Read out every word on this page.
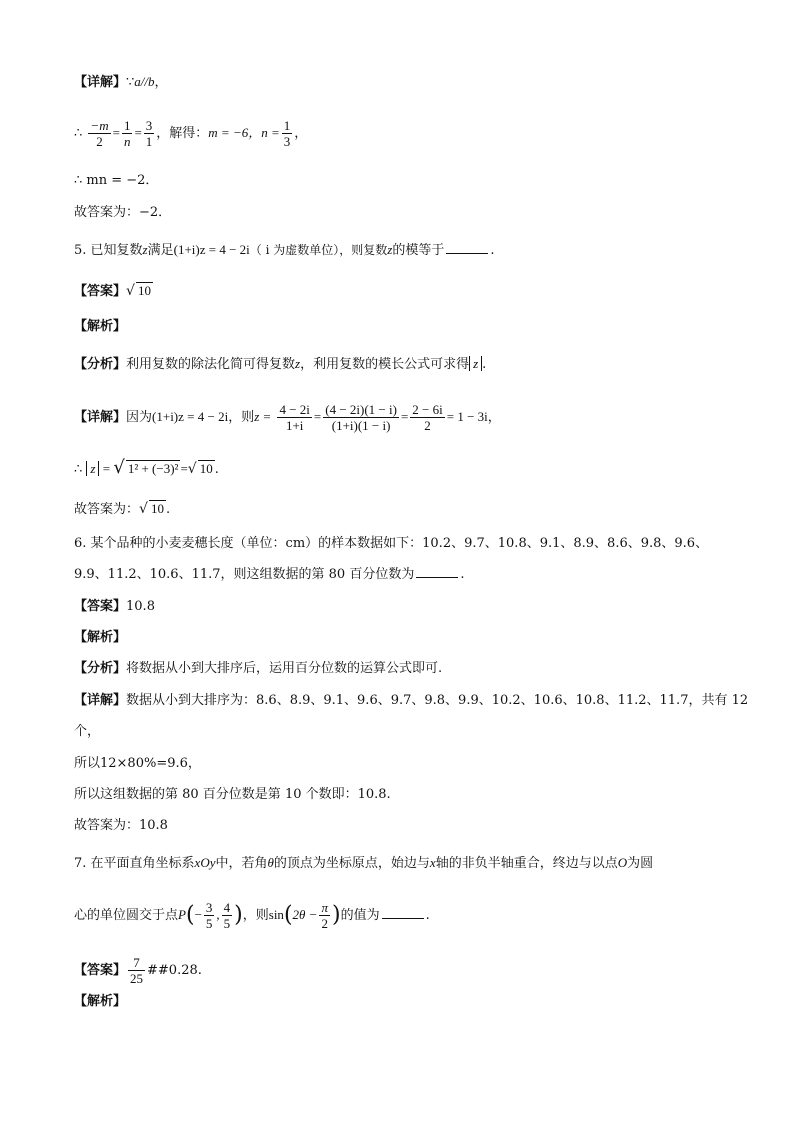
【详解】∵a//b，
∴ $\frac{-m}{2} = \frac{1}{n} = \frac{3}{1}$ ，解得：m = −6，$n = \frac{1}{3}$ ，
∴ mn = −2．
故答案为：−2．
5. 已知复数z满足(1+i)z = 4 − 2i（ i 为虚数单位），则复数z的模等于	.
【答案】√ 10
【解析】
【分析】利用复数的除法化简可得复数z，利用复数的模长公式可求得 z .
【详解】因为(1+i)z = 4 − 2i，则$z = \frac{4 - 2i}{1+i} = \frac{(4 - 2i)(1 - i)}{(1+i)(1 - i)} = \frac{2 - 6i}{2} = 1 - 3i$，
∴ z = √ 1² + (−3)² =√ 10 .
故答案为：√ 10 .
6. 某个品种的小麦麦穗长度（单位：cm）的样本数据如下：10.2、9.7、10.8、9.1、8.9、8.6、9.8、9.6、
9.9、11.2、10.6、11.7，则这组数据的第 80 百分位数为	.
【答案】10.8
【解析】
【分析】将数据从小到大排序后，运用百分位数的运算公式即可.
【详解】数据从小到大排序为：8.6、8.9、9.1、9.6、9.7、9.8、9.9、10.2、10.6、10.8、11.2、11.7，共有 12
个，
所以12×80%=9.6，
所以这组数据的第 80 百分位数是第 10 个数即：10.8.
故答案为：10.8
7. 在平面直角坐标系xOy中，若角θ的顶点为坐标原点，始边与x轴的非负半轴重合，终边与以点O为圆
心的单位圆交于点$P(- \frac{3}{5}$ , $\frac{4}{5}$ )，则$\sin(2\theta - \frac{\pi}{2}$ )的值为	.
【答案】 $\frac{7}{25}$ ##0.28.
【解析】
